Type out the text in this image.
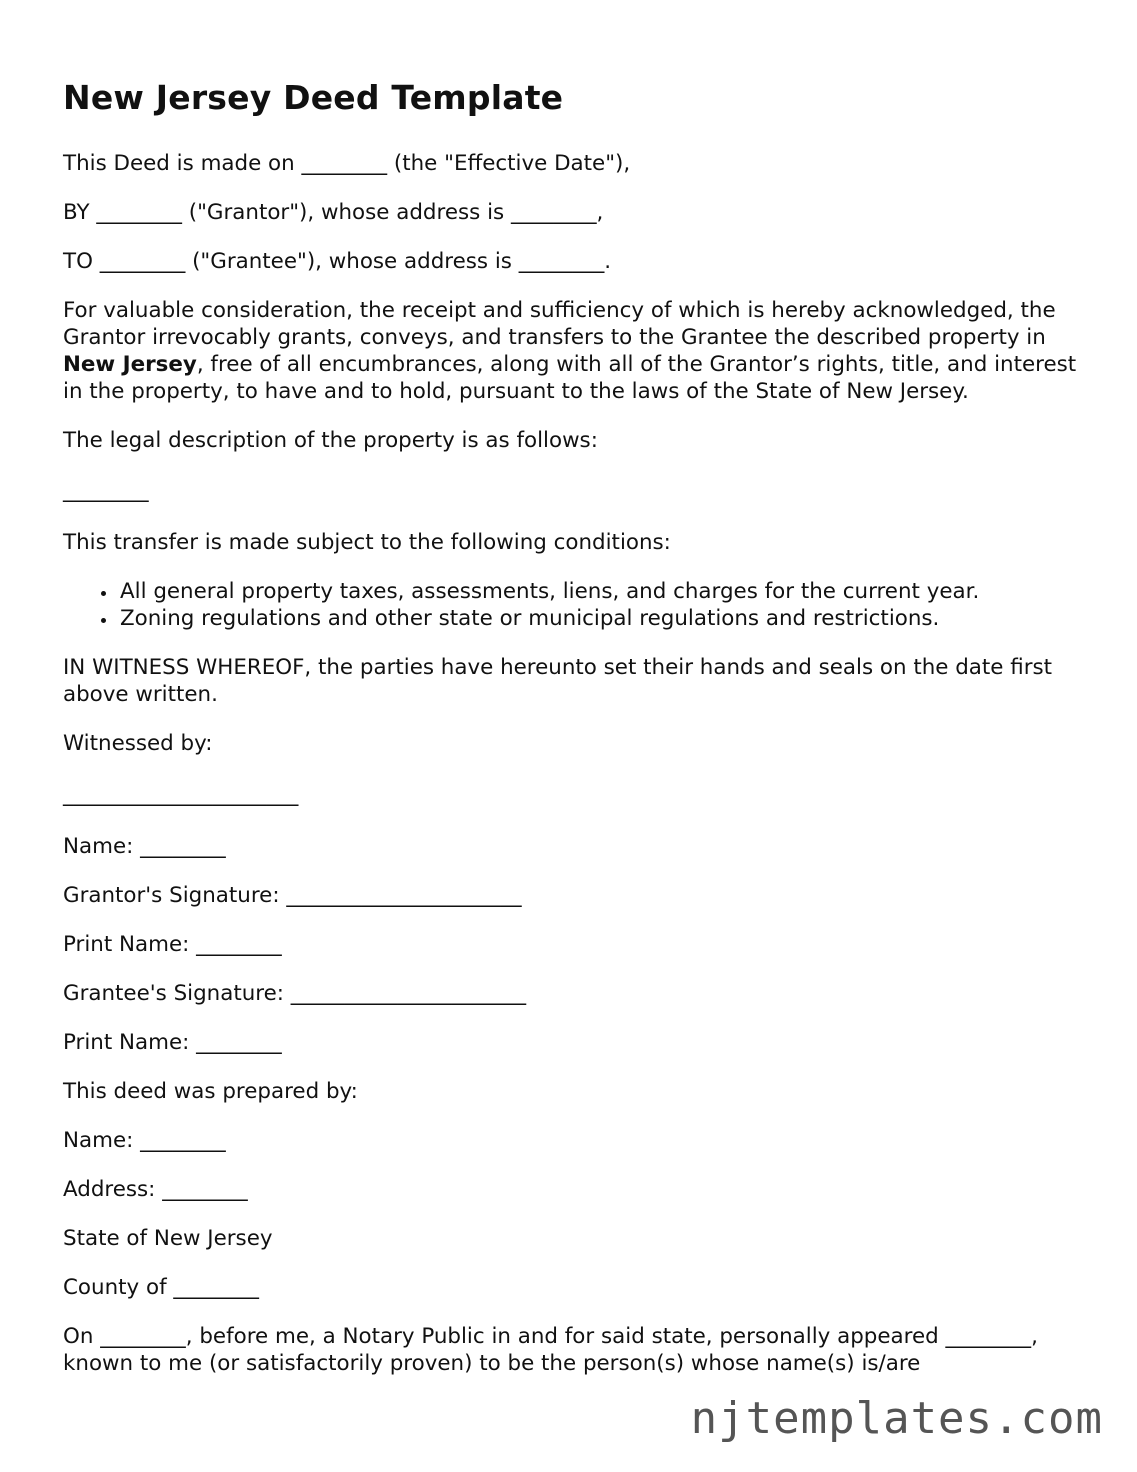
New Jersey Deed Template

This Deed is made on ________ (the "Effective Date"),

BY ________ ("Grantor"), whose address is ________,

TO ________ ("Grantee"), whose address is ________.

For valuable consideration, the receipt and sufficiency of which is hereby acknowledged, the Grantor irrevocably grants, conveys, and transfers to the Grantee the described property in New Jersey, free of all encumbrances, along with all of the Grantor’s rights, title, and interest in the property, to have and to hold, pursuant to the laws of the State of New Jersey.

The legal description of the property is as follows:

________

This transfer is made subject to the following conditions:

• All general property taxes, assessments, liens, and charges for the current year.
• Zoning regulations and other state or municipal regulations and restrictions.

IN WITNESS WHEREOF, the parties have hereunto set their hands and seals on the date first above written.

Witnessed by:

______________________

Name: ________

Grantor's Signature: ______________________

Print Name: ________

Grantee's Signature: ______________________

Print Name: ________

This deed was prepared by:

Name: ________

Address: ________

State of New Jersey

County of ________

On ________, before me, a Notary Public in and for said state, personally appeared ________, known to me (or satisfactorily proven) to be the person(s) whose name(s) is/are

njtemplates.com
